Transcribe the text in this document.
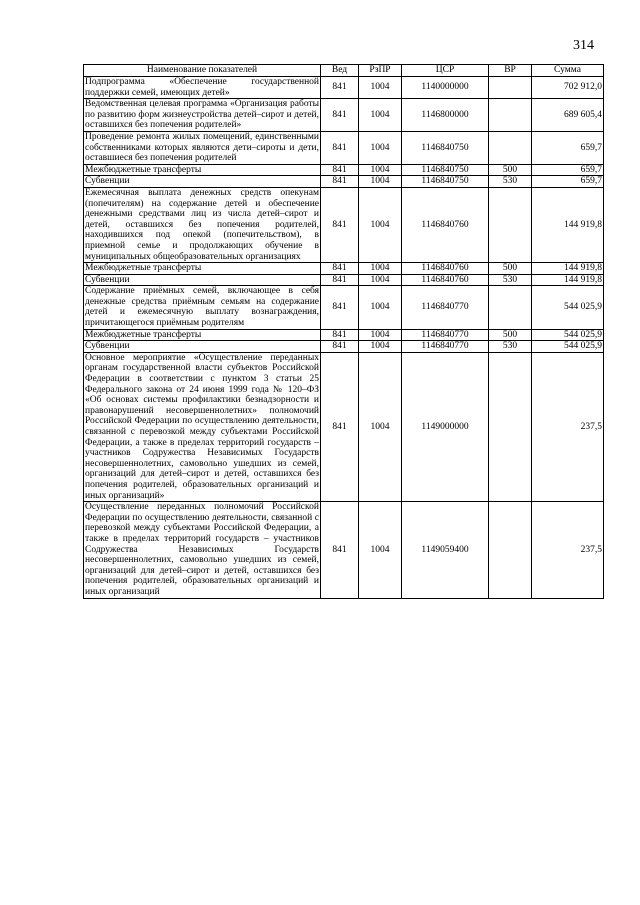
314
Наименование показателей	Вед	РзПР	ЦСР	ВР	Сумма
Подпрограмма «Обеспечение государственной поддержки семей, имеющих детей»	841	1004	1140000000		702 912,0
Ведомственная целевая программа «Организация работы по развитию форм жизнеустройства детей–сирот и детей, оставшихся без попечения родителей»	841	1004	1146800000		689 605,4
Проведение ремонта жилых помещений, единственными собственниками которых являются дети–сироты и дети, оставшиеся без попечения родителей	841	1004	1146840750		659,7
Межбюджетные трансферты	841	1004	1146840750	500	659,7
Субвенции	841	1004	1146840750	530	659,7
Ежемесячная выплата денежных средств опекунам (попечителям) на содержание детей и обеспечение денежными средствами лиц из числа детей–сирот и детей, оставшихся без попечения родителей, находившихся под опекой (попечительством), в приемной семье и продолжающих обучение в муниципальных общеобразовательных организациях	841	1004	1146840760		144 919,8
Межбюджетные трансферты	841	1004	1146840760	500	144 919,8
Субвенции	841	1004	1146840760	530	144 919,8
Содержание приёмных семей, включающее в себя денежные средства приёмным семьям на содержание детей и ежемесячную выплату вознаграждения, причитающегося приёмным родителям	841	1004	1146840770		544 025,9
Межбюджетные трансферты	841	1004	1146840770	500	544 025,9
Субвенции	841	1004	1146840770	530	544 025,9
Основное мероприятие «Осуществление переданных органам государственной власти субъектов Российской Федерации в соответствии с пунктом 3 статьи 25 Федерального закона от 24 июня 1999 года № 120–ФЗ «Об основах системы профилактики безнадзорности и правонарушений несовершеннолетних» полномочий Российской Федерации по осуществлению деятельности, связанной с перевозкой между субъектами Российской Федерации, а также в пределах территорий государств – участников Содружества Независимых Государств несовершеннолетних, самовольно ушедших из семей, организаций для детей–сирот и детей, оставшихся без попечения родителей, образовательных организаций и иных организаций»	841	1004	1149000000		237,5
Осуществление переданных полномочий Российской Федерации по осуществлению деятельности, связанной с перевозкой между субъектами Российской Федерации, а также в пределах территорий государств – участников Содружества Независимых Государств несовершеннолетних, самовольно ушедших из семей, организаций для детей–сирот и детей, оставшихся без попечения родителей, образовательных организаций и иных организаций	841	1004	1149059400		237,5
